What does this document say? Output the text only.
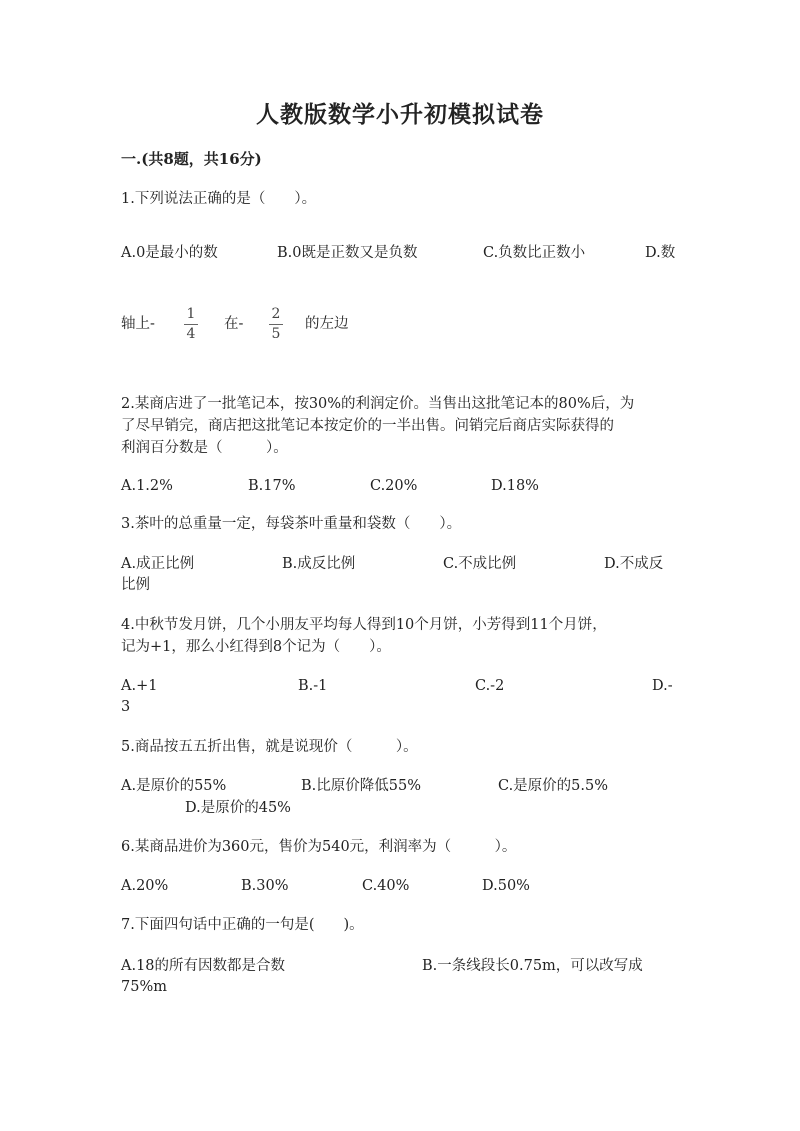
人教版数学小升初模拟试卷
一.(共8题，共16分)
1.下列说法正确的是（　　）。
A.0是最小的数	B.0既是正数又是负数	C.负数比正数小	D.数
轴上-
1
4
在-
2
5
的左边
2.某商店进了一批笔记本，按30%的利润定价。当售出这批笔记本的80%后，为
了尽早销完，商店把这批笔记本按定价的一半出售。问销完后商店实际获得的
利润百分数是（　　　）。
A.1.2%	B.17%	C.20%	D.18%
3.茶叶的总重量一定，每袋茶叶重量和袋数（　　）。
A.成正比例	B.成反比例	C.不成比例	D.不成反
比例
4.中秋节发月饼，几个小朋友平均每人得到10个月饼，小芳得到11个月饼，
记为+1，那么小红得到8个记为（　　）。
A.+1	B.-1	C.-2	D.-
3
5.商品按五五折出售，就是说现价（　　　）。
A.是原价的55%	B.比原价降低55%	C.是原价的5.5%
D.是原价的45%
6.某商品进价为360元，售价为540元，利润率为（　　　）。
A.20%	B.30%	C.40%	D.50%
7.下面四句话中正确的一句是(　　)。
A.18的所有因数都是合数	B.一条线段长0.75m，可以改写成
75%m
